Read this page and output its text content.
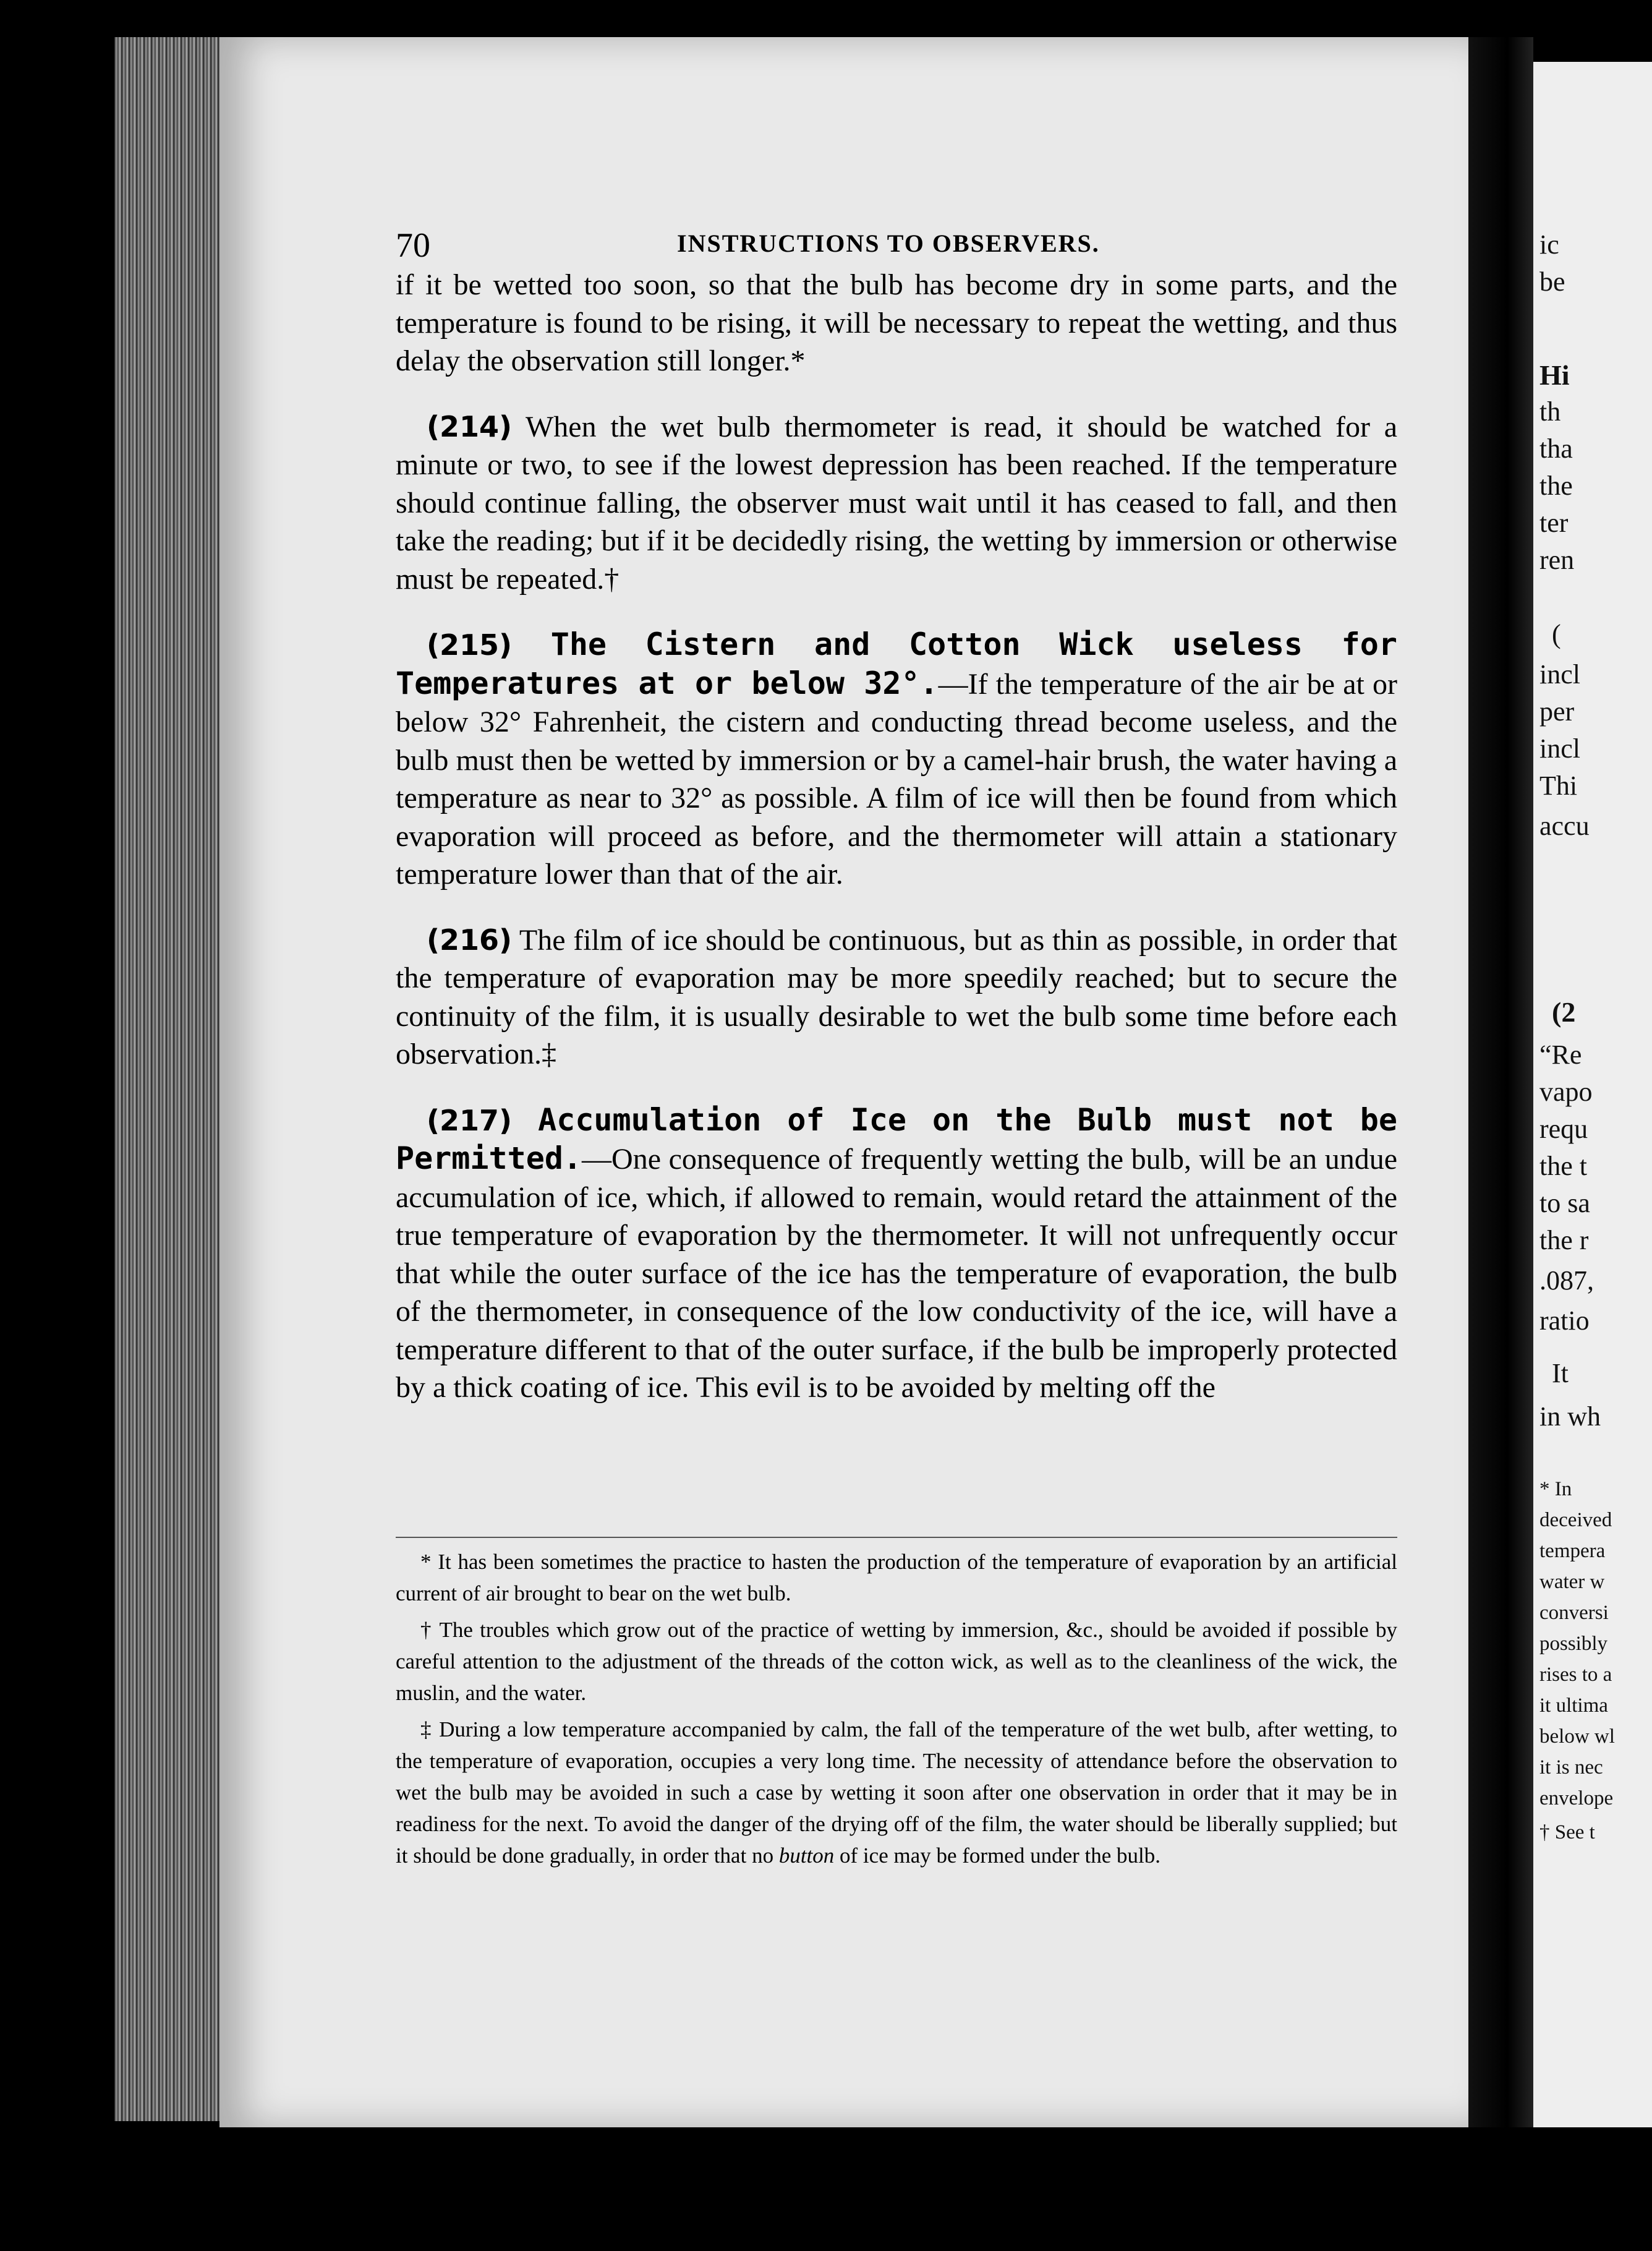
ic
be
Hi
th
tha
the
ter
ren
(
incl
per
incl
Thi
accu
(2
“Re
vapo
requ
the t
to sa
the r
.087,
ratio
It
in wh
* In
deceived
tempera
water w
conversi
possibly
rises to a
it ultima
below wl
it is nec
envelope
† See t
70	INSTRUCTIONS TO OBSERVERS.

if it be wetted too soon, so that the bulb has become dry in some parts, and the temperature is found to be rising, it will be necessary to repeat the wetting, and thus delay the observation still longer.*

(214) When the wet bulb thermometer is read, it should be watched for a minute or two, to see if the lowest depression has been reached. If the temperature should continue falling, the observer must wait until it has ceased to fall, and then take the reading; but if it be decidedly rising, the wetting by immersion or otherwise must be repeated.†

(215) The Cistern and Cotton Wick useless for Temperatures at or below 32°.—If the temperature of the air be at or below 32° Fahrenheit, the cistern and conducting thread become useless, and the bulb must then be wetted by immersion or by a camel-hair brush, the water having a temperature as near to 32° as possible. A film of ice will then be found from which evaporation will proceed as before, and the thermometer will attain a stationary temperature lower than that of the air.

(216) The film of ice should be continuous, but as thin as possible, in order that the temperature of evaporation may be more speedily reached; but to secure the continuity of the film, it is usually desirable to wet the bulb some time before each observation.‡

(217) Accumulation of Ice on the Bulb must not be Permitted.—One consequence of frequently wetting the bulb, will be an undue accumulation of ice, which, if allowed to remain, would retard the attainment of the true temperature of evaporation by the thermometer. It will not unfrequently occur that while the outer surface of the ice has the temperature of evaporation, the bulb of the thermometer, in consequence of the low conductivity of the ice, will have a temperature different to that of the outer surface, if the bulb be improperly protected by a thick coating of ice. This evil is to be avoided by melting off the

* It has been sometimes the practice to hasten the production of the temperature of evaporation by an artificial current of air brought to bear on the wet bulb.

† The troubles which grow out of the practice of wetting by immersion, &c., should be avoided if possible by careful attention to the adjustment of the threads of the cotton wick, as well as to the cleanliness of the wick, the muslin, and the water.

‡ During a low temperature accompanied by calm, the fall of the temperature of the wet bulb, after wetting, to the temperature of evaporation, occupies a very long time. The necessity of attendance before the observation to wet the bulb may be avoided in such a case by wetting it soon after one observation in order that it may be in readiness for the next. To avoid the danger of the drying off of the film, the water should be liberally supplied; but it should be done gradually, in order that no button of ice may be formed under the bulb.
